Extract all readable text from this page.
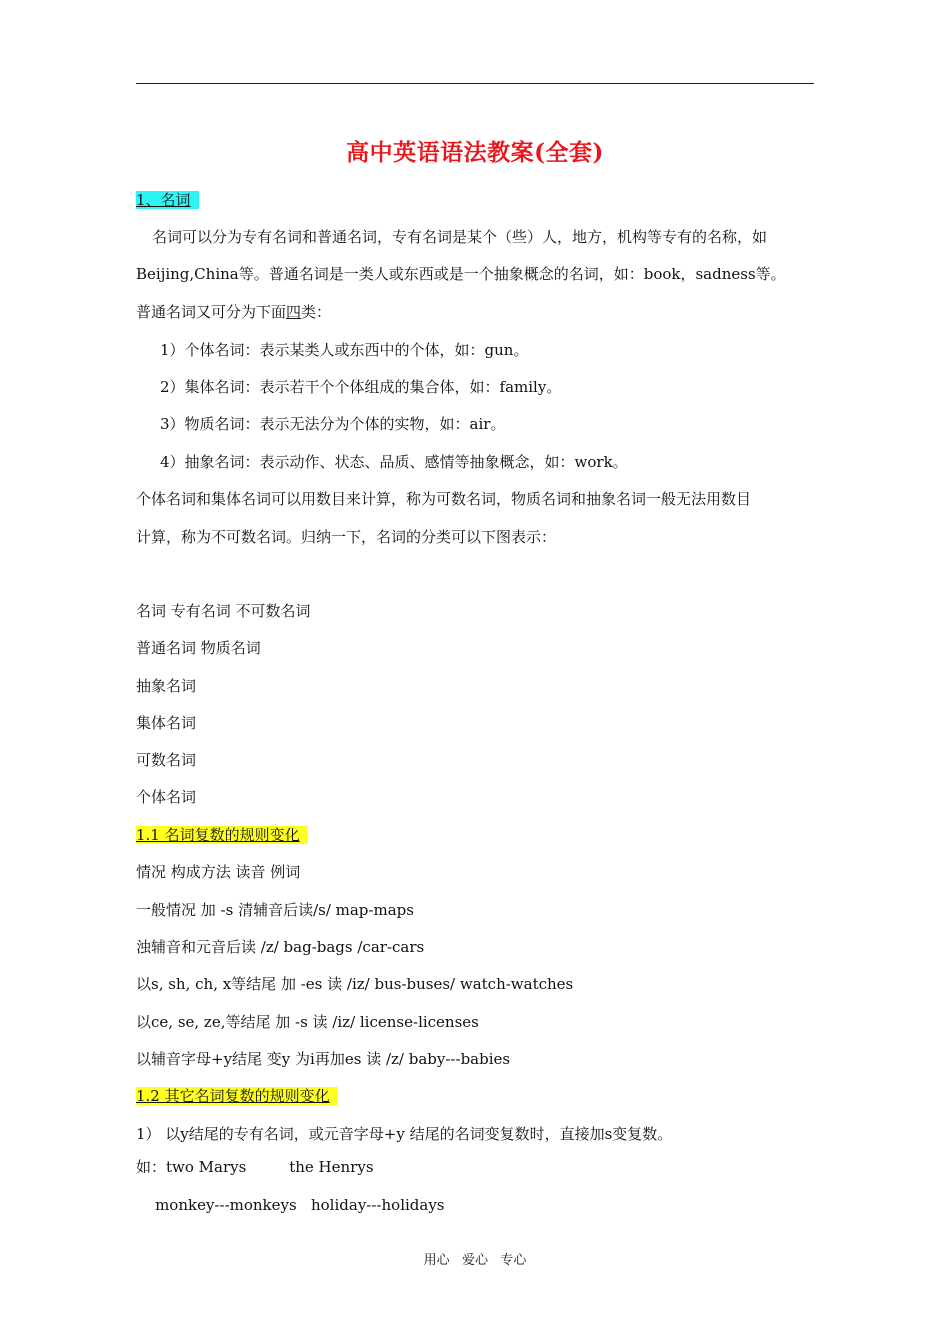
高中英语语法教案(全套)
1、名词
名词可以分为专有名词和普通名词，专有名词是某个（些）人，地方，机构等专有的名称，如
Beijing,China等。普通名词是一类人或东西或是一个抽象概念的名词，如：book，sadness等。
普通名词又可分为下面四类：
1）个体名词：表示某类人或东西中的个体，如：gun。
2）集体名词：表示若干个个体组成的集合体，如：family。
3）物质名词：表示无法分为个体的实物，如：air。
4）抽象名词：表示动作、状态、品质、感情等抽象概念，如：work。
个体名词和集体名词可以用数目来计算，称为可数名词，物质名词和抽象名词一般无法用数目
计算，称为不可数名词。归纳一下，名词的分类可以下图表示：
名词 专有名词 不可数名词
普通名词 物质名词
抽象名词
集体名词
可数名词
个体名词
1.1 名词复数的规则变化
情况 构成方法 读音 例词
一般情况 加 -s 清辅音后读/s/ map-maps
浊辅音和元音后读 /z/ bag-bags /car-cars
以s, sh, ch, x等结尾 加 -es 读 /iz/ bus-buses/ watch-watches
以ce, se, ze,等结尾 加 -s 读 /iz/ license-licenses
以辅音字母+y结尾 变y 为i再加es 读 /z/ baby---babies
1.2 其它名词复数的规则变化
1） 以y结尾的专有名词，或元音字母+y 结尾的名词变复数时，直接加s变复数。
如：two Marys         the Henrys
monkey---monkeys   holiday---holidays
用心   爱心   专心
